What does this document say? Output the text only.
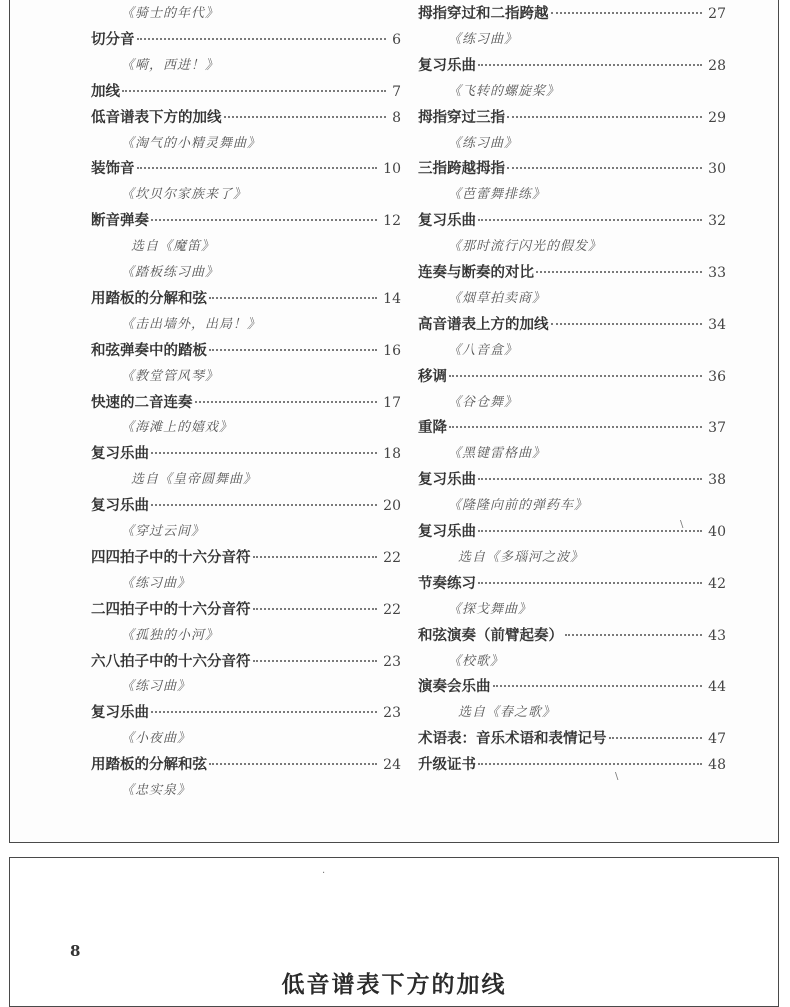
《骑士的年代》
切分音	6
《嗬，西进！》
加线	7
低音谱表下方的加线	8
《淘气的小精灵舞曲》
装饰音	10
《坎贝尔家族来了》
断音弹奏	12
选自《魔笛》
《踏板练习曲》
用踏板的分解和弦	14
《击出墙外，出局！》
和弦弹奏中的踏板	16
《教堂管风琴》
快速的二音连奏	17
《海滩上的嬉戏》
复习乐曲	18
选自《皇帝圆舞曲》
复习乐曲	20
《穿过云间》
四四拍子中的十六分音符	22
《练习曲》
二四拍子中的十六分音符	22
《孤独的小河》
六八拍子中的十六分音符	23
《练习曲》
复习乐曲	23
《小夜曲》
用踏板的分解和弦	24
《忠实泉》
拇指穿过和二指跨越	27
《练习曲》
复习乐曲	28
《飞转的螺旋桨》
拇指穿过三指	29
《练习曲》
三指跨越拇指	30
《芭蕾舞排练》
复习乐曲	32
《那时流行闪光的假发》
连奏与断奏的对比	33
《烟草拍卖商》
高音谱表上方的加线	34
《八音盒》
移调	36
《谷仓舞》
重降	37
《黑键雷格曲》
复习乐曲	38
《隆隆向前的弹药车》
复习乐曲	40
选自《多瑙河之波》
节奏练习	42
《探戈舞曲》
和弦演奏（前臂起奏）	43
《校歌》
演奏会乐曲	44
选自《春之歌》
术语表：音乐术语和表情记号	47
升级证书	48
\
\
·
8
低音谱表下方的加线
